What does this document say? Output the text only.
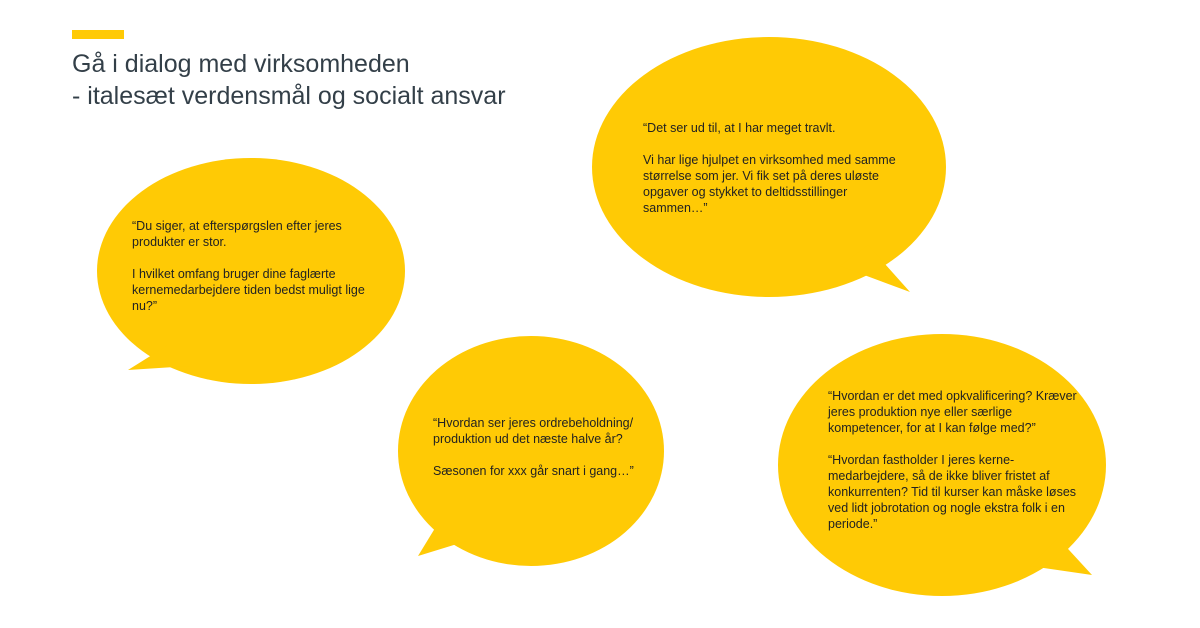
Gå i dialog med virksomheden
- italesæt verdensmål og socialt ansvar

“Du siger, at efterspørgslen efter jeres produkter er stor.

I hvilket omfang bruger dine faglærte kernemedarbejdere tiden bedst muligt lige nu?”

“Det ser ud til, at I har meget travlt.

Vi har lige hjulpet en virksomhed med samme størrelse som jer. Vi fik set på deres uløste opgaver og stykket to deltidsstillinger sammen…”

“Hvordan ser jeres ordrebeholdning/ produktion ud det næste halve år?

Sæsonen for xxx går snart i gang…”

“Hvordan er det med opkvalificering? Kræver jeres produktion nye eller særlige kompetencer, for at I kan følge med?”

“Hvordan fastholder I jeres kerne-medarbejdere, så de ikke bliver fristet af konkurrenten? Tid til kurser kan måske løses ved lidt jobrotation og nogle ekstra folk i en periode.”
